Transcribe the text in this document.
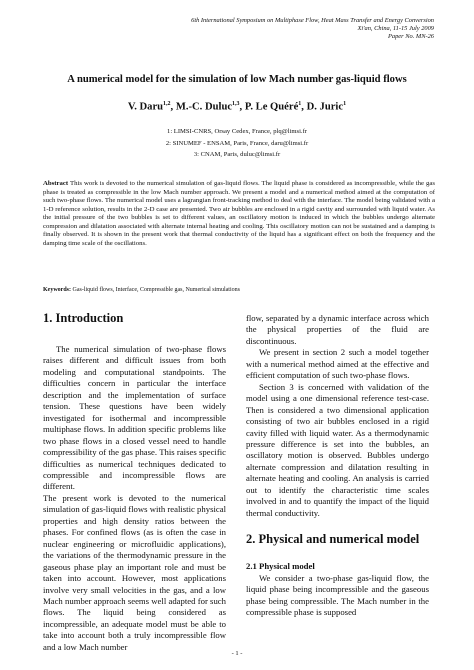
6th International Symposium on Multiphase Flow, Heat Mass Transfer and Energy Conversion
Xi'an, China, 11-15 July 2009
Paper No. MN-26
A numerical model for the simulation of low Mach number gas-liquid flows
V. Daru$^{1,2}$, M.-C. Duluc$^{1,3}$, P. Le Quéré$^1$, D. Juric$^1$
1: LIMSI-CNRS, Orsay Cedex, France, plq@limsi.fr
2: SINUMEF - ENSAM, Paris, France, daru@limsi.fr
3: CNAM, Paris, duluc@limsi.fr
Abstract This work is devoted to the numerical simulation of gas-liquid flows. The liquid phase is considered as incompressible, while the gas phase is treated as compressible in the low Mach number approach. We present a model and a numerical method aimed at the computation of such two-phase flows. The numerical model uses a lagrangian front-tracking method to deal with the interface. The model being validated with a 1-D reference solution, results in the 2-D case are presented. Two air bubbles are enclosed in a rigid cavity and surrounded with liquid water. As the initial pressure of the two bubbles is set to different values, an oscillatory motion is induced in which the bubbles undergo alternate compression and dilatation associated with alternate internal heating and cooling. This oscillatory motion can not be sustained and a damping is finally observed. It is shown in the present work that thermal conductivity of the liquid has a significant effect on both the frequency and the damping time scale of the oscillations.
Keywords: Gas-liquid flows, Interface, Compressible gas, Numerical simulations
1. Introduction

The numerical simulation of two-phase flows raises different and difficult issues from both modeling and computational standpoints. The difficulties concern in particular the interface description and the implementation of surface tension. These questions have been widely investigated for isothermal and incompressible multiphase flows. In addition specific problems like two phase flows in a closed vessel need to handle compressibility of the gas phase. This raises specific difficulties as numerical techniques dedicated to compressible and incompressible flows are different.

The present work is devoted to the numerical simulation of gas-liquid flows with realistic physical properties and high density ratios between the phases. For confined flows (as is often the case in nuclear engineering or microfluidic applications), the variations of the thermodynamic pressure in the gaseous phase play an important role and must be taken into account. However, most applications involve very small velocities in the gas, and a low Mach number approach seems well adapted for such flows. The liquid being considered as incompressible, an adequate model must be able to take into account both a truly incompressible flow and a low Mach number

flow, separated by a dynamic interface across which the physical properties of the fluid are discontinuous.

We present in section 2 such a model together with a numerical method aimed at the effective and efficient computation of such two-phase flows.

Section 3 is concerned with validation of the model using a one dimensional reference test-case. Then is considered a two dimensional application consisting of two air bubbles enclosed in a rigid cavity filled with liquid water. As a thermodynamic pressure difference is set into the bubbles, an oscillatory motion is observed. Bubbles undergo alternate compression and dilatation resulting in alternate heating and cooling. An analysis is carried out to identify the characteristic time scales involved in and to quantify the impact of the liquid thermal conductivity.

2. Physical and numerical model
2.1 Physical model

We consider a two-phase gas-liquid flow, the liquid phase being incompressible and the gaseous phase being compressible. The Mach number in the compressible phase is supposed

- 1 -
